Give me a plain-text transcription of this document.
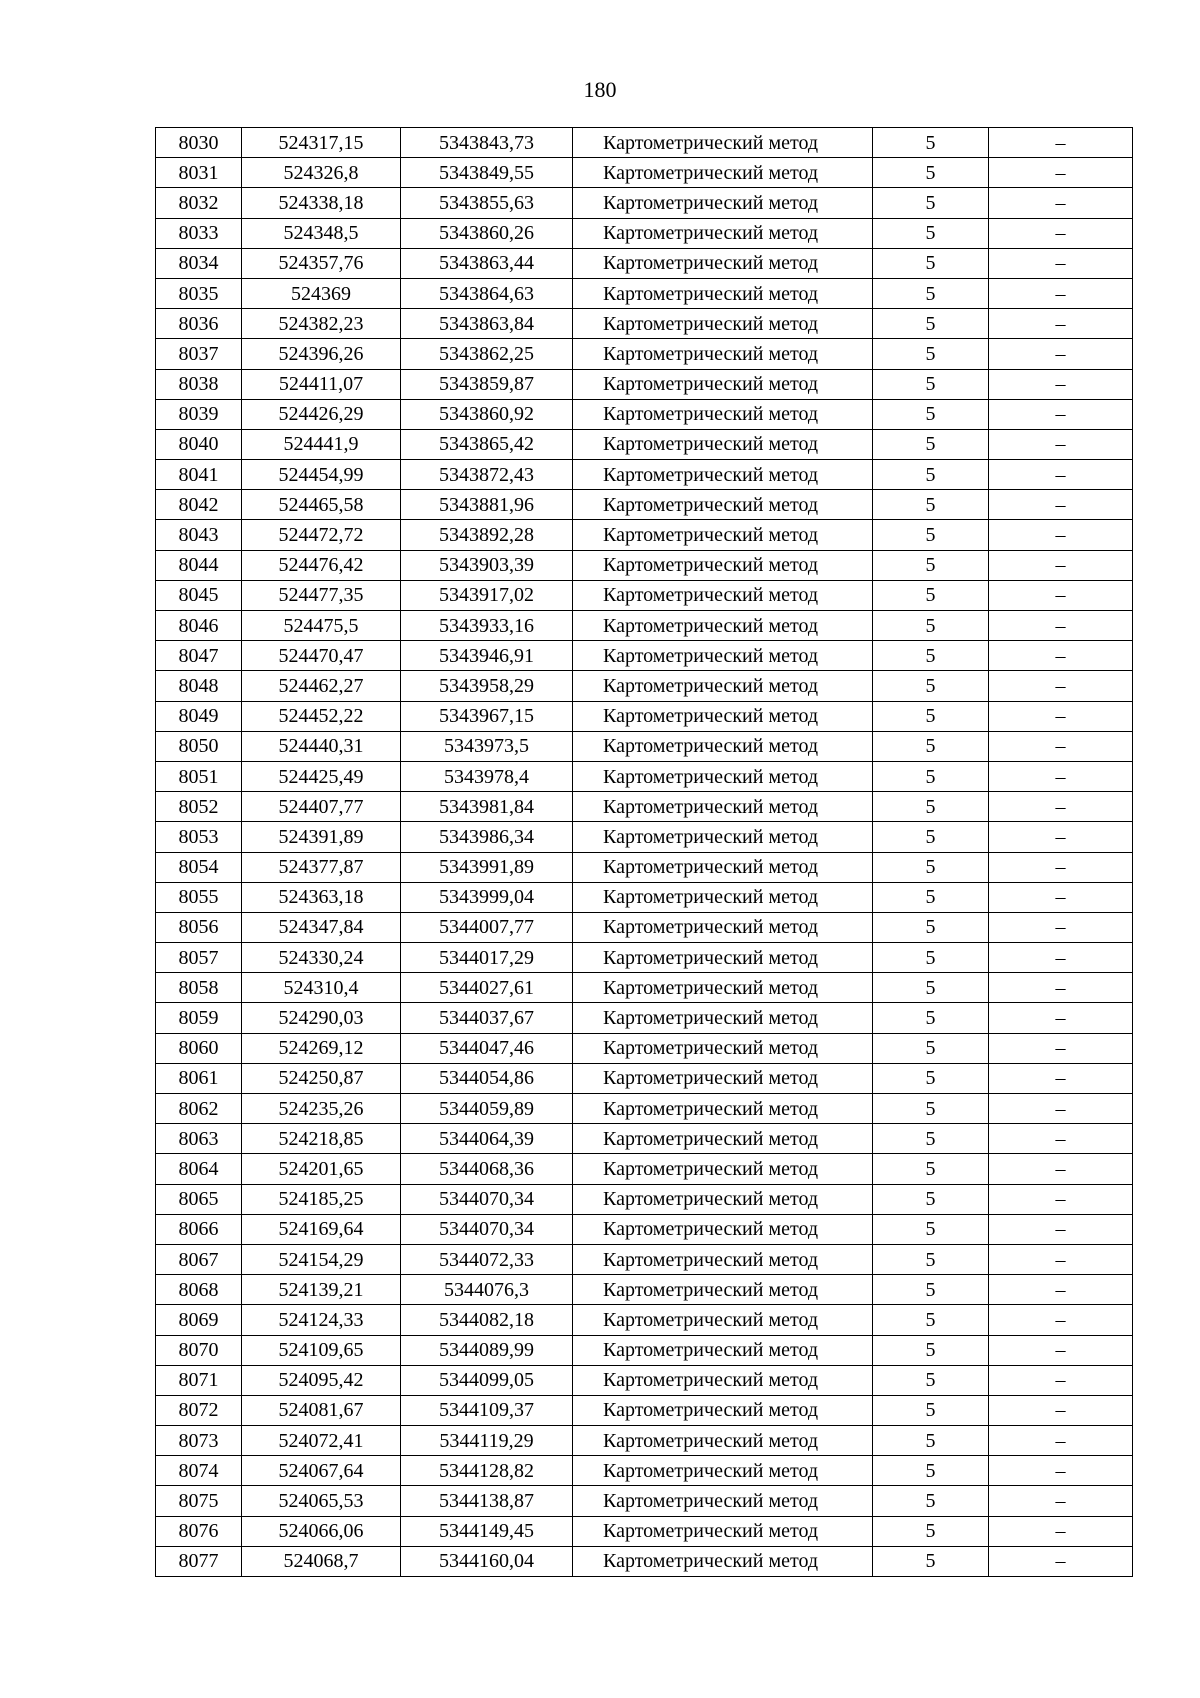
180
8030	524317,15	5343843,73	Картометрический метод	5	–
8031	524326,8	5343849,55	Картометрический метод	5	–
8032	524338,18	5343855,63	Картометрический метод	5	–
8033	524348,5	5343860,26	Картометрический метод	5	–
8034	524357,76	5343863,44	Картометрический метод	5	–
8035	524369	5343864,63	Картометрический метод	5	–
8036	524382,23	5343863,84	Картометрический метод	5	–
8037	524396,26	5343862,25	Картометрический метод	5	–
8038	524411,07	5343859,87	Картометрический метод	5	–
8039	524426,29	5343860,92	Картометрический метод	5	–
8040	524441,9	5343865,42	Картометрический метод	5	–
8041	524454,99	5343872,43	Картометрический метод	5	–
8042	524465,58	5343881,96	Картометрический метод	5	–
8043	524472,72	5343892,28	Картометрический метод	5	–
8044	524476,42	5343903,39	Картометрический метод	5	–
8045	524477,35	5343917,02	Картометрический метод	5	–
8046	524475,5	5343933,16	Картометрический метод	5	–
8047	524470,47	5343946,91	Картометрический метод	5	–
8048	524462,27	5343958,29	Картометрический метод	5	–
8049	524452,22	5343967,15	Картометрический метод	5	–
8050	524440,31	5343973,5	Картометрический метод	5	–
8051	524425,49	5343978,4	Картометрический метод	5	–
8052	524407,77	5343981,84	Картометрический метод	5	–
8053	524391,89	5343986,34	Картометрический метод	5	–
8054	524377,87	5343991,89	Картометрический метод	5	–
8055	524363,18	5343999,04	Картометрический метод	5	–
8056	524347,84	5344007,77	Картометрический метод	5	–
8057	524330,24	5344017,29	Картометрический метод	5	–
8058	524310,4	5344027,61	Картометрический метод	5	–
8059	524290,03	5344037,67	Картометрический метод	5	–
8060	524269,12	5344047,46	Картометрический метод	5	–
8061	524250,87	5344054,86	Картометрический метод	5	–
8062	524235,26	5344059,89	Картометрический метод	5	–
8063	524218,85	5344064,39	Картометрический метод	5	–
8064	524201,65	5344068,36	Картометрический метод	5	–
8065	524185,25	5344070,34	Картометрический метод	5	–
8066	524169,64	5344070,34	Картометрический метод	5	–
8067	524154,29	5344072,33	Картометрический метод	5	–
8068	524139,21	5344076,3	Картометрический метод	5	–
8069	524124,33	5344082,18	Картометрический метод	5	–
8070	524109,65	5344089,99	Картометрический метод	5	–
8071	524095,42	5344099,05	Картометрический метод	5	–
8072	524081,67	5344109,37	Картометрический метод	5	–
8073	524072,41	5344119,29	Картометрический метод	5	–
8074	524067,64	5344128,82	Картометрический метод	5	–
8075	524065,53	5344138,87	Картометрический метод	5	–
8076	524066,06	5344149,45	Картометрический метод	5	–
8077	524068,7	5344160,04	Картометрический метод	5	–
